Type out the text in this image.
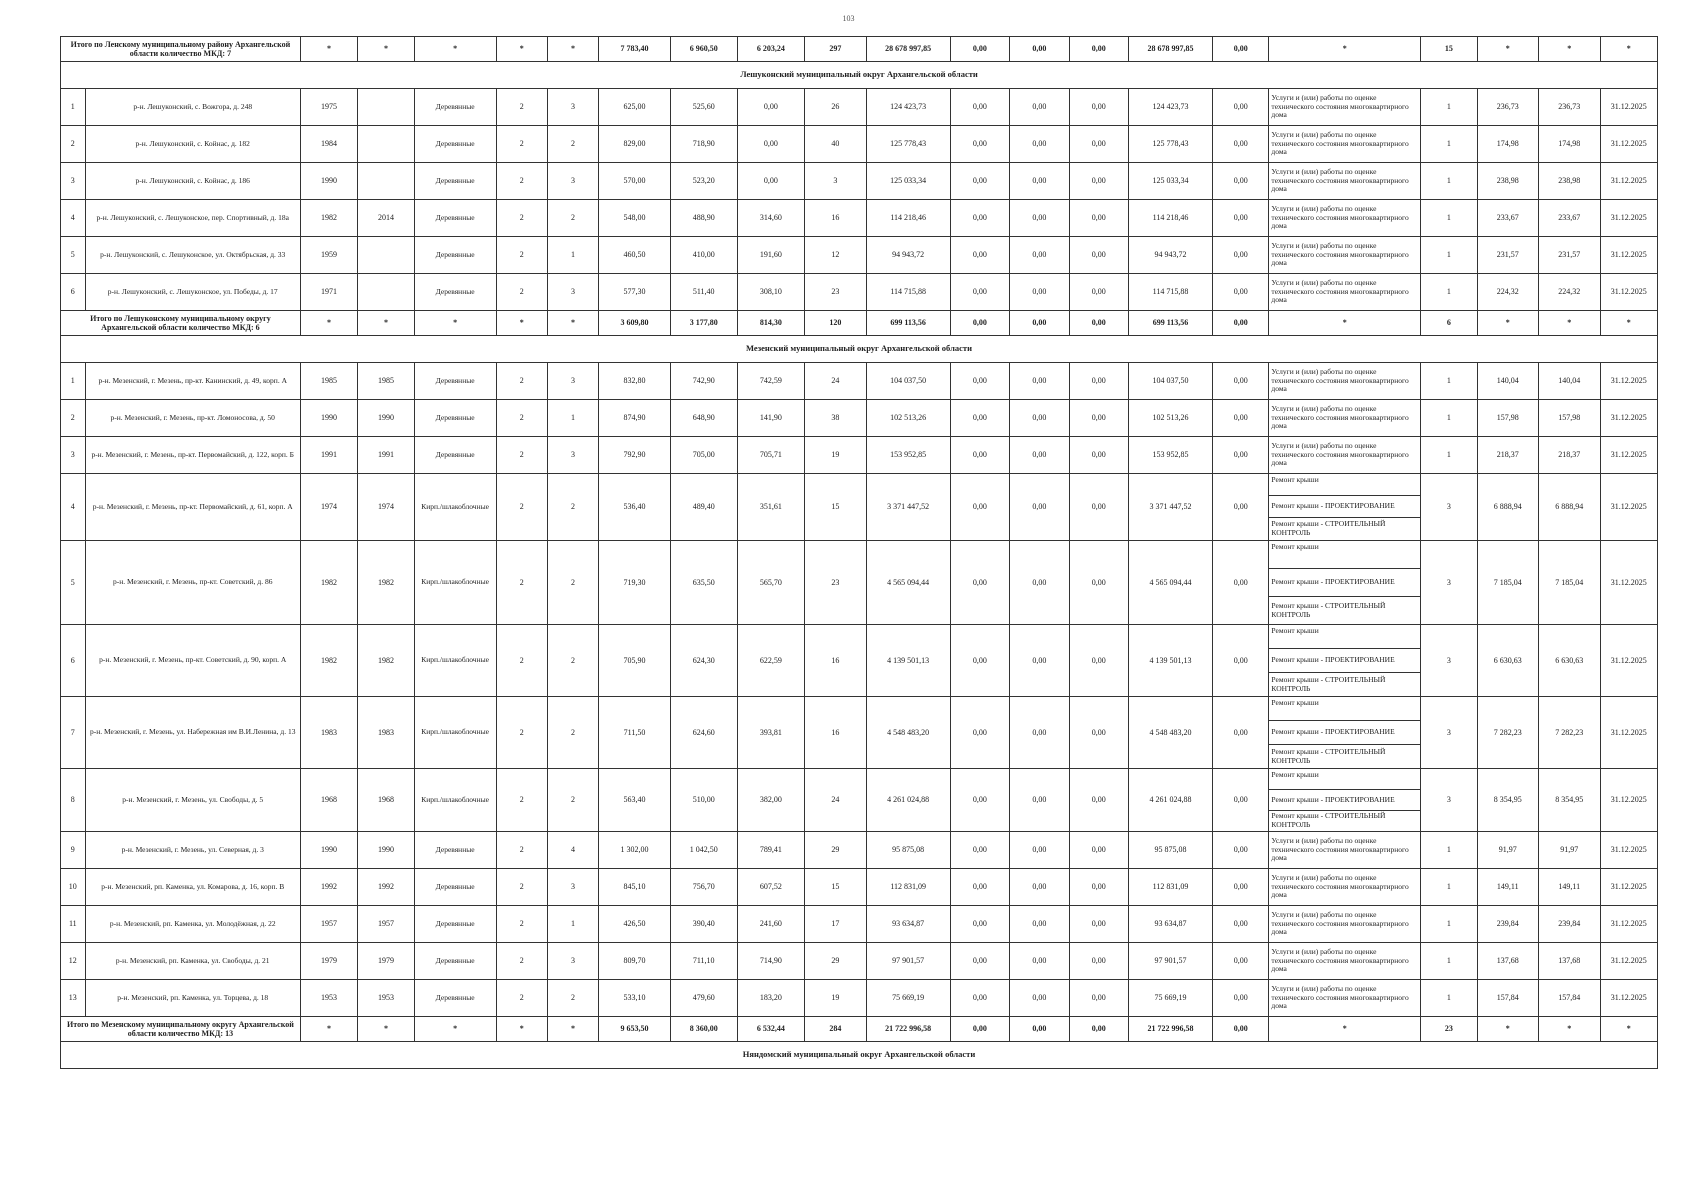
103
Итого по Ленскому муниципальному району Архангельской области количество МКД: 7		*	*	*	*	*	7 783,40	6 960,50	6 203,24	297	28 678 997,85	0,00	0,00	0,00	28 678 997,85	0,00	*	15	*	*	*
Лешуконский муниципальный округ Архангельской области																					
1	р-н. Лешуконский, с. Вожгора, д. 248	1975		Деревянные	2	3	625,00	525,60	0,00	26	124 423,73	0,00	0,00	0,00	124 423,73	0,00	Услуги и (или) работы по оценке технического состояния многоквартирного дома	1	236,73	236,73	31.12.2025
2	р-н. Лешуконский, с. Койнас, д. 182	1984		Деревянные	2	2	829,00	718,90	0,00	40	125 778,43	0,00	0,00	0,00	125 778,43	0,00	Услуги и (или) работы по оценке технического состояния многоквартирного дома	1	174,98	174,98	31.12.2025
3	р-н. Лешуконский, с. Койнас, д. 186	1990		Деревянные	2	3	570,00	523,20	0,00	3	125 033,34	0,00	0,00	0,00	125 033,34	0,00	Услуги и (или) работы по оценке технического состояния многоквартирного дома	1	238,98	238,98	31.12.2025
4	р-н. Лешуконский, с. Лешуконское, пер. Спортивный, д. 18а	1982	2014	Деревянные	2	2	548,00	488,90	314,60	16	114 218,46	0,00	0,00	0,00	114 218,46	0,00	Услуги и (или) работы по оценке технического состояния многоквартирного дома	1	233,67	233,67	31.12.2025
5	р-н. Лешуконский, с. Лешуконское, ул. Октябрьская, д. 33	1959		Деревянные	2	1	460,50	410,00	191,60	12	94 943,72	0,00	0,00	0,00	94 943,72	0,00	Услуги и (или) работы по оценке технического состояния многоквартирного дома	1	231,57	231,57	31.12.2025
6	р-н. Лешуконский, с. Лешуконское, ул. Победы, д. 17	1971		Деревянные	2	3	577,30	511,40	308,10	23	114 715,88	0,00	0,00	0,00	114 715,88	0,00	Услуги и (или) работы по оценке технического состояния многоквартирного дома	1	224,32	224,32	31.12.2025
Итого по Лешуконскому муниципальному округу Архангельской области количество МКД: 6		*	*	*	*	*	3 609,80	3 177,80	814,30	120	699 113,56	0,00	0,00	0,00	699 113,56	0,00	*	6	*	*	*
Мезенский муниципальный округ Архангельской области																					
1	р-н. Мезенский, г. Мезень, пр-кт. Канинский, д. 49, корп. А	1985	1985	Деревянные	2	3	832,80	742,90	742,59	24	104 037,50	0,00	0,00	0,00	104 037,50	0,00	Услуги и (или) работы по оценке технического состояния многоквартирного дома	1	140,04	140,04	31.12.2025
2	р-н. Мезенский, г. Мезень, пр-кт. Ломоносова, д. 50	1990	1990	Деревянные	2	1	874,90	648,90	141,90	38	102 513,26	0,00	0,00	0,00	102 513,26	0,00	Услуги и (или) работы по оценке технического состояния многоквартирного дома	1	157,98	157,98	31.12.2025
3	р-н. Мезенский, г. Мезень, пр-кт. Первомайский, д. 122, корп. Б	1991	1991	Деревянные	2	3	792,90	705,00	705,71	19	153 952,85	0,00	0,00	0,00	153 952,85	0,00	Услуги и (или) работы по оценке технического состояния многоквартирного дома	1	218,37	218,37	31.12.2025
4	р-н. Мезенский, г. Мезень, пр-кт. Первомайский, д. 61, корп. А	1974	1974	Кирп./шлакоблочные	2	2	536,40	489,40	351,61	15	3 371 447,52	0,00	0,00	0,00	3 371 447,52	0,00	Ремонт крыши	3	6 888,94	6 888,94	31.12.2025
																	Ремонт крыши - ПРОЕКТИРОВАНИЕ				
																	Ремонт крыши - СТРОИТЕЛЬНЫЙ КОНТРОЛЬ				
5	р-н. Мезенский, г. Мезень, пр-кт. Советский, д. 86	1982	1982	Кирп./шлакоблочные	2	2	719,30	635,50	565,70	23	4 565 094,44	0,00	0,00	0,00	4 565 094,44	0,00	Ремонт крыши	3	7 185,04	7 185,04	31.12.2025
																	Ремонт крыши - ПРОЕКТИРОВАНИЕ				
																	Ремонт крыши - СТРОИТЕЛЬНЫЙ КОНТРОЛЬ				
6	р-н. Мезенский, г. Мезень, пр-кт. Советский, д. 90, корп. А	1982	1982	Кирп./шлакоблочные	2	2	705,90	624,30	622,59	16	4 139 501,13	0,00	0,00	0,00	4 139 501,13	0,00	Ремонт крыши	3	6 630,63	6 630,63	31.12.2025
																	Ремонт крыши - ПРОЕКТИРОВАНИЕ				
																	Ремонт крыши - СТРОИТЕЛЬНЫЙ КОНТРОЛЬ				
7	р-н. Мезенский, г. Мезень, ул. Набережная им В.И.Ленина, д. 13	1983	1983	Кирп./шлакоблочные	2	2	711,50	624,60	393,81	16	4 548 483,20	0,00	0,00	0,00	4 548 483,20	0,00	Ремонт крыши	3	7 282,23	7 282,23	31.12.2025
																	Ремонт крыши - ПРОЕКТИРОВАНИЕ				
																	Ремонт крыши - СТРОИТЕЛЬНЫЙ КОНТРОЛЬ				
8	р-н. Мезенский, г. Мезень, ул. Свободы, д. 5	1968	1968	Кирп./шлакоблочные	2	2	563,40	510,00	382,00	24	4 261 024,88	0,00	0,00	0,00	4 261 024,88	0,00	Ремонт крыши	3	8 354,95	8 354,95	31.12.2025
																	Ремонт крыши - ПРОЕКТИРОВАНИЕ				
																	Ремонт крыши - СТРОИТЕЛЬНЫЙ КОНТРОЛЬ				
9	р-н. Мезенский, г. Мезень, ул. Северная, д. 3	1990	1990	Деревянные	2	4	1 302,00	1 042,50	789,41	29	95 875,08	0,00	0,00	0,00	95 875,08	0,00	Услуги и (или) работы по оценке технического состояния многоквартирного дома	1	91,97	91,97	31.12.2025
10	р-н. Мезенский, рп. Каменка, ул. Комарова, д. 16, корп. В	1992	1992	Деревянные	2	3	845,10	756,70	607,52	15	112 831,09	0,00	0,00	0,00	112 831,09	0,00	Услуги и (или) работы по оценке технического состояния многоквартирного дома	1	149,11	149,11	31.12.2025
11	р-н. Мезенский, рп. Каменка, ул. Молодёжная, д. 22	1957	1957	Деревянные	2	1	426,50	390,40	241,60	17	93 634,87	0,00	0,00	0,00	93 634,87	0,00	Услуги и (или) работы по оценке технического состояния многоквартирного дома	1	239,84	239,84	31.12.2025
12	р-н. Мезенский, рп. Каменка, ул. Свободы, д. 21	1979	1979	Деревянные	2	3	809,70	711,10	714,90	29	97 901,57	0,00	0,00	0,00	97 901,57	0,00	Услуги и (или) работы по оценке технического состояния многоквартирного дома	1	137,68	137,68	31.12.2025
13	р-н. Мезенский, рп. Каменка, ул. Торцева, д. 18	1953	1953	Деревянные	2	2	533,10	479,60	183,20	19	75 669,19	0,00	0,00	0,00	75 669,19	0,00	Услуги и (или) работы по оценке технического состояния многоквартирного дома	1	157,84	157,84	31.12.2025
Итого по Мезенскому муниципальному округу Архангельской области количество МКД: 13		*	*	*	*	*	9 653,50	8 360,00	6 532,44	284	21 722 996,58	0,00	0,00	0,00	21 722 996,58	0,00	*	23	*	*	*
Няндомский муниципальный округ Архангельской области																					
